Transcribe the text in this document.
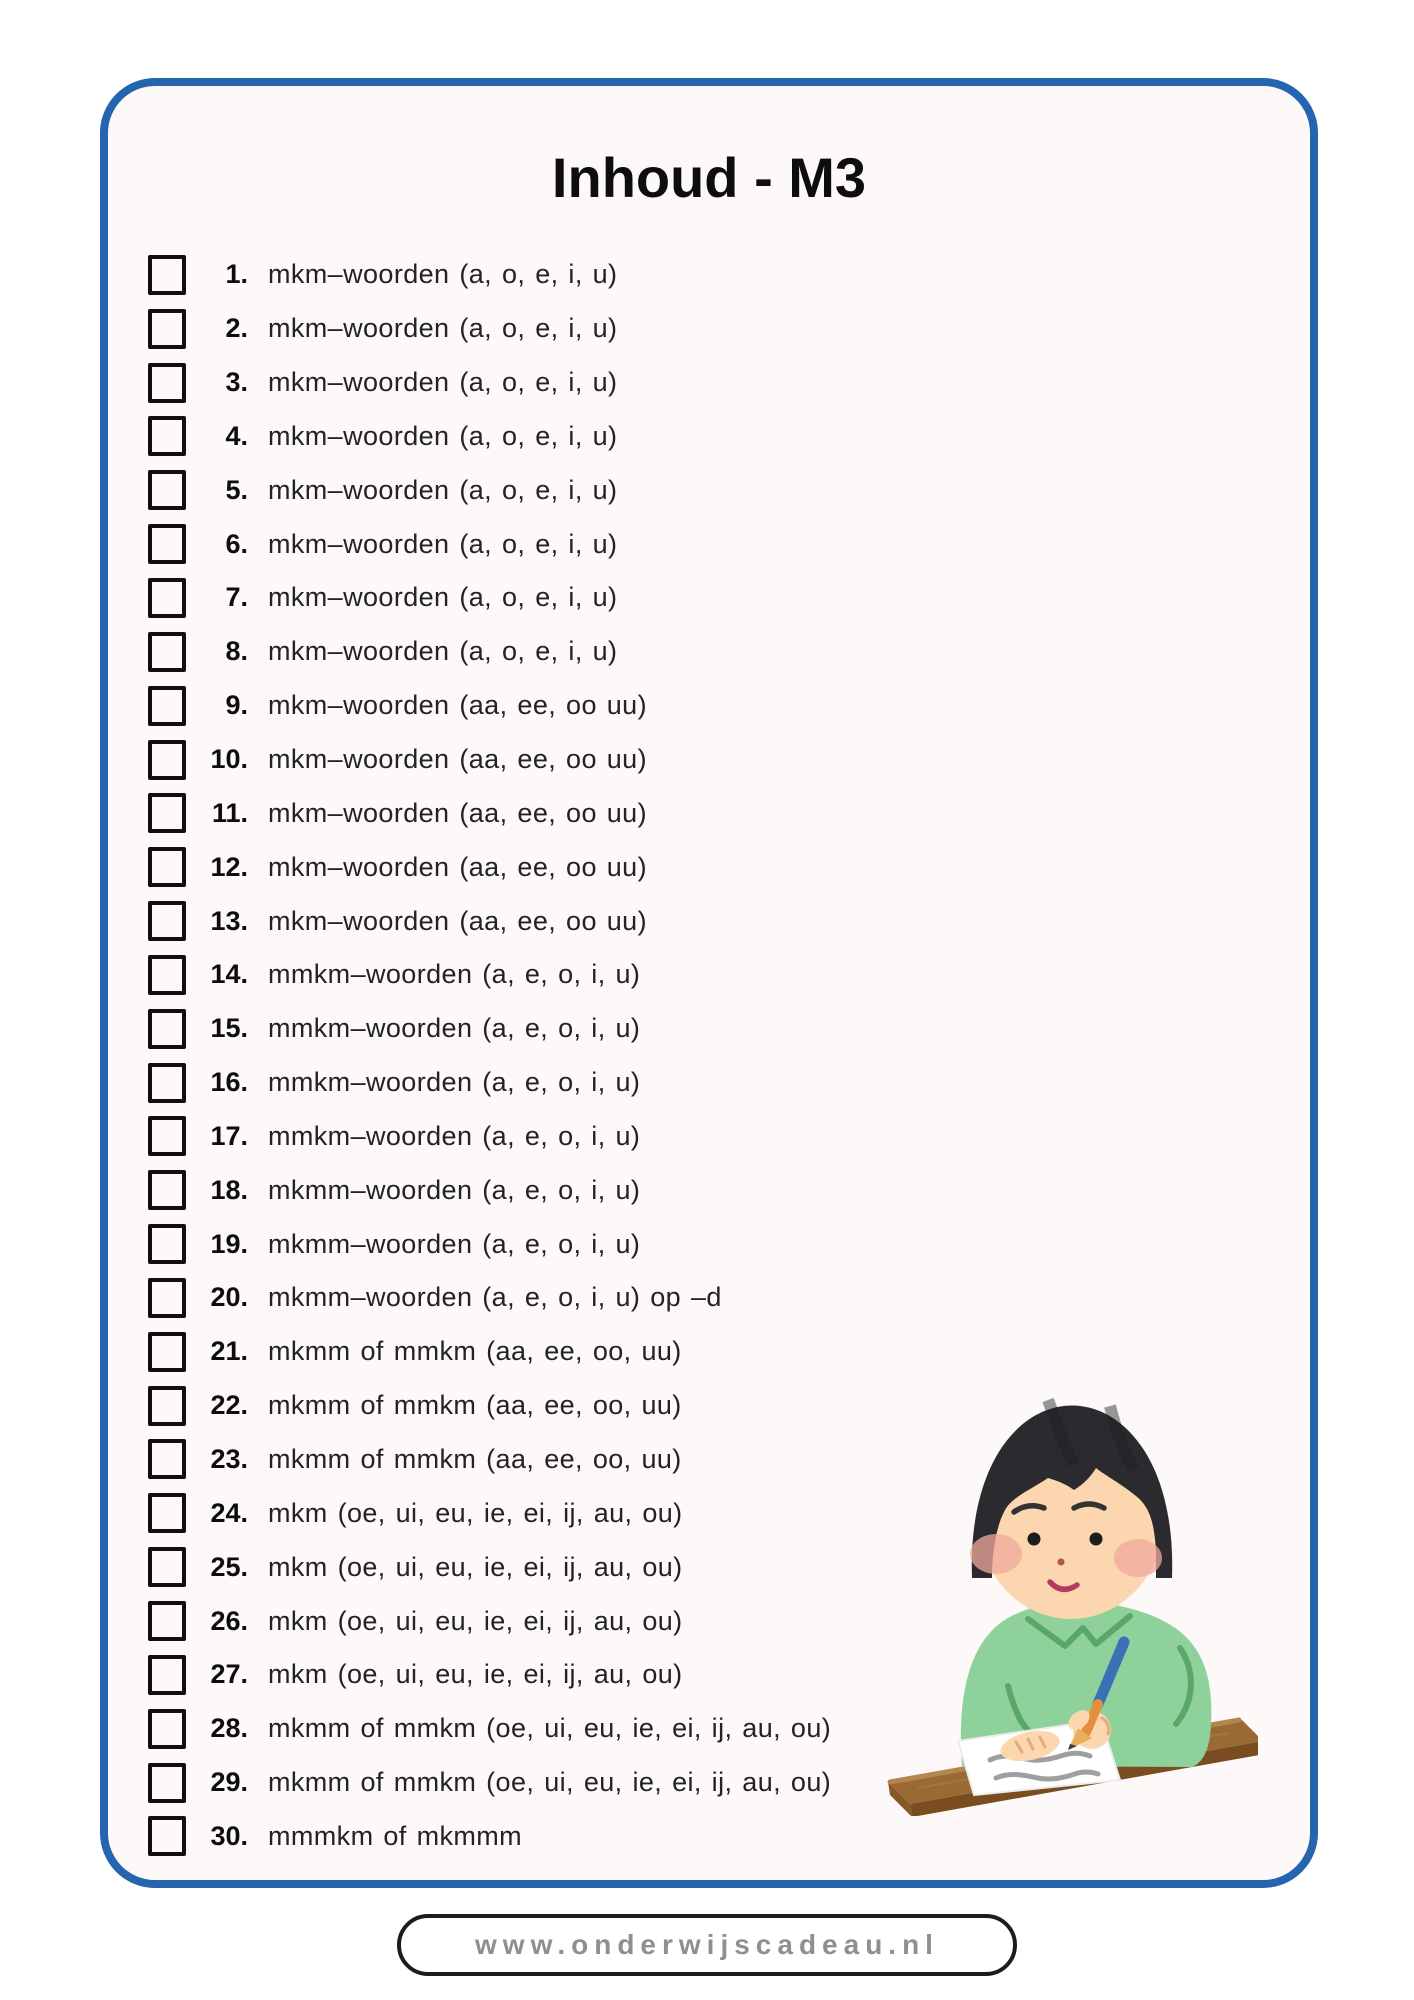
Inhoud - M3
1. mkm–woorden (a, o, e, i, u)
2. mkm–woorden (a, o, e, i, u)
3. mkm–woorden (a, o, e, i, u)
4. mkm–woorden (a, o, e, i, u)
5. mkm–woorden (a, o, e, i, u)
6. mkm–woorden (a, o, e, i, u)
7. mkm–woorden (a, o, e, i, u)
8. mkm–woorden (a, o, e, i, u)
9. mkm–woorden (aa, ee, oo uu)
10. mkm–woorden (aa, ee, oo uu)
11. mkm–woorden (aa, ee, oo uu)
12. mkm–woorden (aa, ee, oo uu)
13. mkm–woorden (aa, ee, oo uu)
14. mmkm–woorden (a, e, o, i, u)
15. mmkm–woorden (a, e, o, i, u)
16. mmkm–woorden (a, e, o, i, u)
17. mmkm–woorden (a, e, o, i, u)
18. mkmm–woorden (a, e, o, i, u)
19. mkmm–woorden (a, e, o, i, u)
20. mkmm–woorden (a, e, o, i, u) op –d
21. mkmm of mmkm (aa, ee, oo, uu)
22. mkmm of mmkm (aa, ee, oo, uu)
23. mkmm of mmkm (aa, ee, oo, uu)
24. mkm (oe, ui, eu, ie, ei, ij, au, ou)
25. mkm (oe, ui, eu, ie, ei, ij, au, ou)
26. mkm (oe, ui, eu, ie, ei, ij, au, ou)
27. mkm (oe, ui, eu, ie, ei, ij, au, ou)
28. mkmm of mmkm (oe, ui, eu, ie, ei, ij, au, ou)
29. mkmm of mmkm (oe, ui, eu, ie, ei, ij, au, ou)
30. mmmkm of mkmmm
www.onderwijscadeau.nl
